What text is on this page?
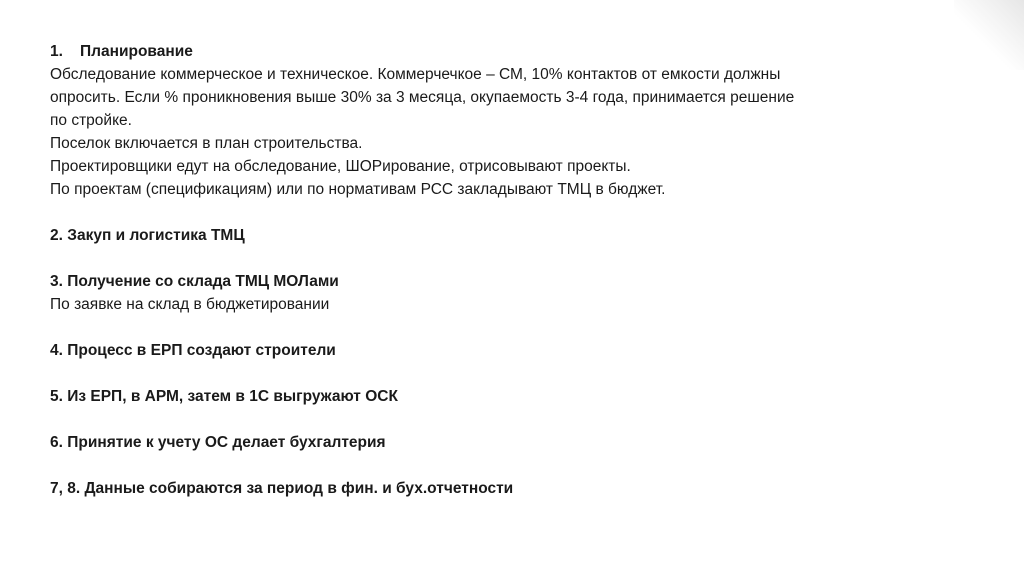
1. Планирование

Обследование коммерческое и техническое. Коммерчечкое – СМ, 10% контактов от емкости должны

опросить. Если % проникновения выше 30% за 3 месяца, окупаемость 3-4 года, принимается решение

по стройке.

Поселок включается в план строительства.

Проектировщики едут на обследование, ШОРирование, отрисовывают проекты.

По проектам (спецификациям) или по нормативам РСС закладывают ТМЦ в бюджет.

2. Закуп и логистика ТМЦ

3. Получение со склада ТМЦ МОЛами

По заявке на склад в бюджетировании

4. Процесс в ЕРП создают строители

5. Из ЕРП, в АРМ, затем в 1С выгружают ОСК

6. Принятие к учету ОС делает бухгалтерия

7, 8. Данные собираются за период в фин. и бух.отчетности
